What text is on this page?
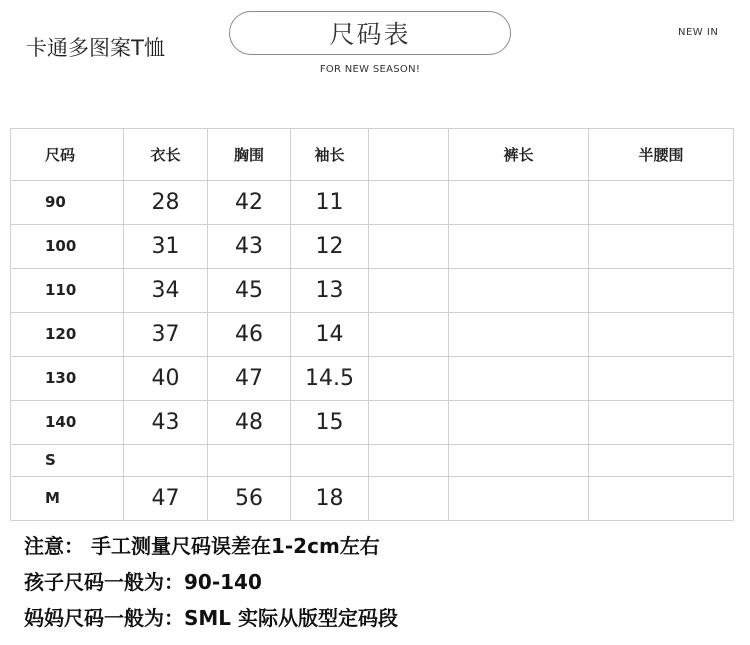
卡通多图案T恤	尺码表
FOR NEW SEASON!
NEW IN
尺码	衣长	胸围	袖长		裤长	半腰围
90	28	42	11			
100	31	43	12			
110	34	45	13			
120	37	46	14			
130	40	47	14.5			
140	43	48	15			
S						
M	47	56	18			
注意： 手工测量尺码误差在1-2cm左右
孩子尺码一般为：90-140
妈妈尺码一般为：SML 实际从版型定码段
